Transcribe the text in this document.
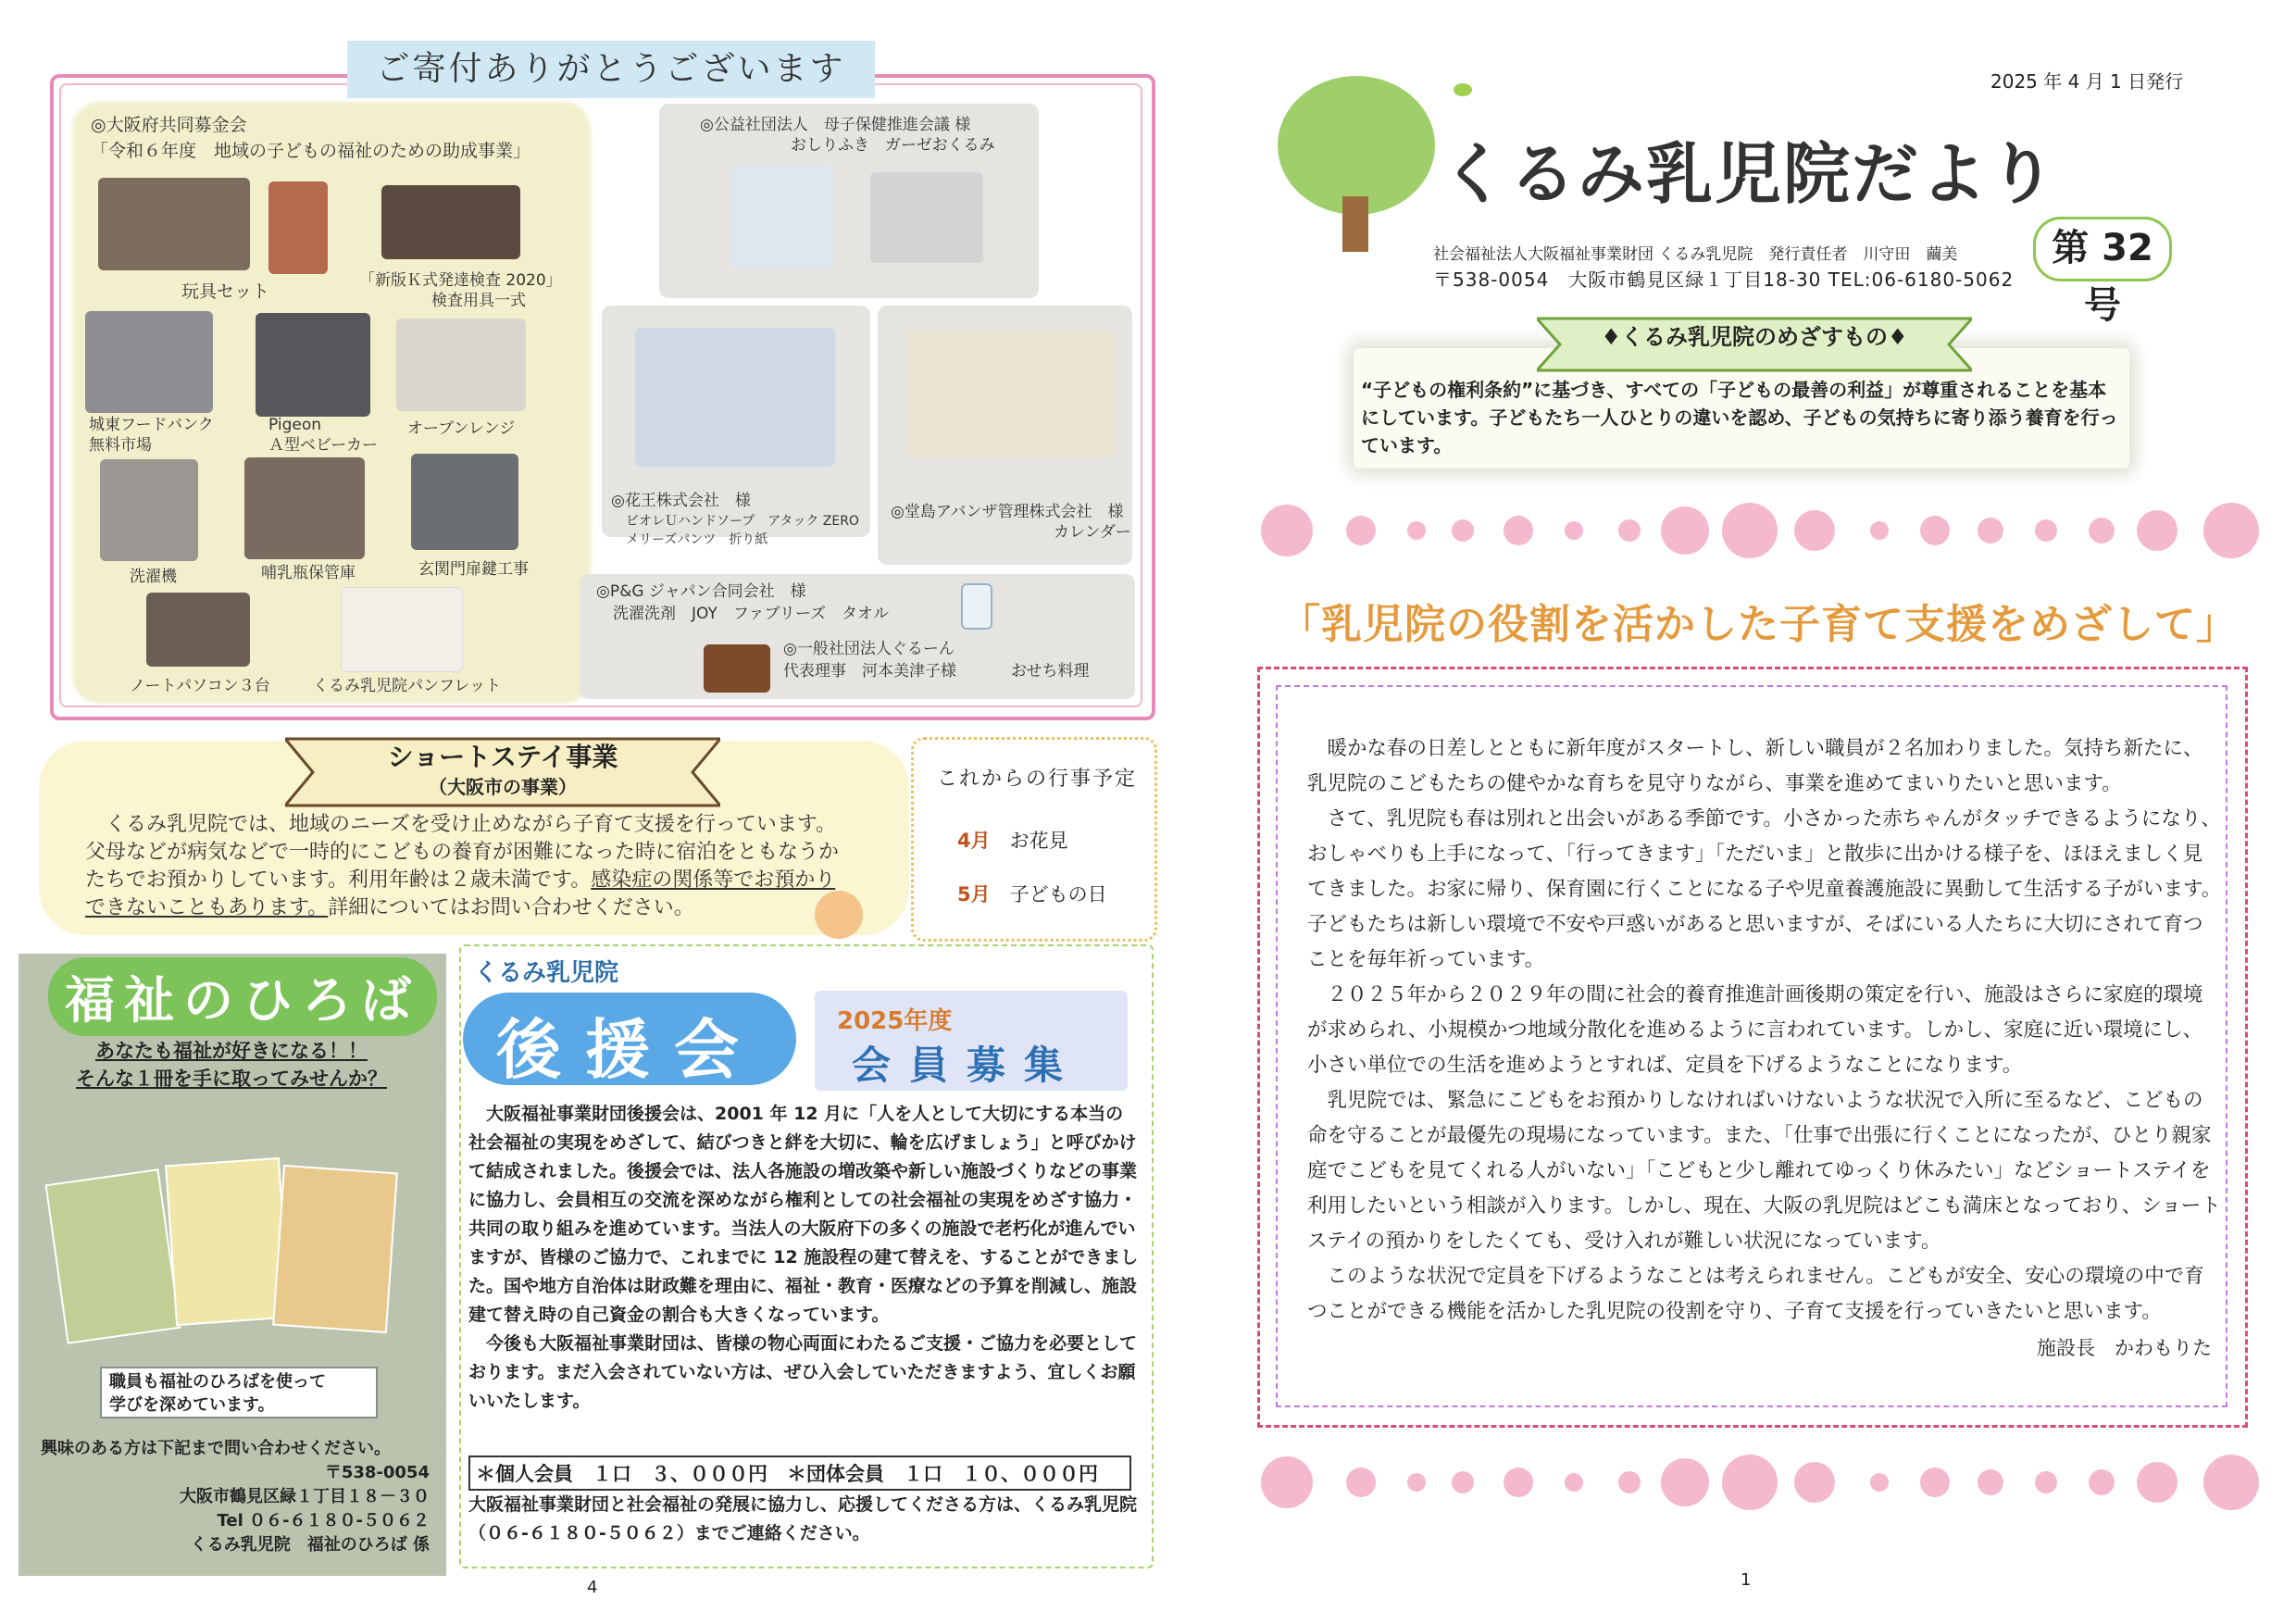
ご寄付ありがとうございます
◎大阪府共同募金会
「令和６年度　地域の子どもの福祉のための助成事業」
玩具セット
「新版Ｋ式発達検査 2020」
検査用具一式
城東フードバンク
無料市場
Pigeon
Ａ型ベビーカー
オーブンレンジ
洗濯機	哺乳瓶保管庫	玄関門扉鍵工事
ノートパソコン３台	くるみ乳児院パンフレット
◎公益社団法人　母子保健推進会議 様
おしりふき　ガーゼおくるみ
◎花王株式会社　様
ビオレＵハンドソープ　アタック ZERO
メリーズパンツ　折り紙
◎堂島アバンザ管理株式会社　様
カレンダー
◎P&G ジャパン合同会社　様
洗濯洗剤　JOY　ファブリーズ　タオル
◎一般社団法人ぐるーん
代表理事　河本美津子様	おせち料理
ショートステイ事業
（大阪市の事業）
くるみ乳児院では、地域のニーズを受け止めながら子育て支援を行っています。
父母などが病気などで一時的にこどもの養育が困難になった時に宿泊をともなうか
たちでお預かりしています。利用年齢は２歳未満です。感染症の関係等でお預かり
できないこともあります。詳細についてはお問い合わせください。
これからの行事予定
4月　 お花見
5月　 子どもの日
福祉のひろば
あなたも福祉が好きになる！！
そんな１冊を手に取ってみせんか？
職員も福祉のひろばを使って
学びを深めています。
興味のある方は下記まで問い合わせください。
〒538-0054
大阪市鶴見区緑１丁目１８－３０
Tel ０６-６１８０-５０６２
くるみ乳児院　福祉のひろば 係
くるみ乳児院
後援会	2025年度
会員募集
　大阪福祉事業財団後援会は、2001 年 12 月に「人を人として大切にする本当の社会福祉の実現をめざして、結びつきと絆を大切に、輪を広げましょう」と呼びかけて結成されました。後援会では、法人各施設の増改築や新しい施設づくりなどの事業に協力し、会員相互の交流を深めながら権利としての社会福祉の実現をめざす協力・共同の取り組みを進めています。当法人の大阪府下の多くの施設で老朽化が進んでいますが、皆様のご協力で、これまでに 12 施設程の建て替えを、することができました。国や地方自治体は財政難を理由に、福祉・教育・医療などの予算を削減し、施設建て替え時の自己資金の割合も大きくなっています。
　今後も大阪福祉事業財団は、皆様の物心両面にわたるご支援・ご協力を必要としております。まだ入会されていない方は、ぜひ入会していただきますよう、宜しくお願いいたします。
＊個人会員　１口　３、０００円　＊団体会員　１口　１０、０００円
大阪福祉事業財団と社会福祉の発展に協力し、応援してくださる方は、くるみ乳児院（０６-６１８０-５０６２）までご連絡ください。
4
2025 年 4 月 1 日発行
くるみ乳児院だより
第 32 号
社会福祉法人大阪福祉事業財団 くるみ乳児院　発行責任者　川守田　繭美
〒538-0054　大阪市鶴見区緑１丁目18-30 TEL:06-6180-5062
♦くるみ乳児院のめざすもの♦
“子どもの権利条約”に基づき、すべての「子どもの最善の利益」が尊重されることを基本にしています。子どもたち一人ひとりの違いを認め、子どもの気持ちに寄り添う養育を行っています。
「乳児院の役割を活かした子育て支援をめざして」

暖かな春の日差しとともに新年度がスタートし、新しい職員が２名加わりました。気持ち新たに、乳児院のこどもたちの健やかな育ちを見守りながら、事業を進めてまいりたいと思います。

さて、乳児院も春は別れと出会いがある季節です。小さかった赤ちゃんがタッチできるようになり、おしゃべりも上手になって、「行ってきます」「ただいま」と散歩に出かける様子を、ほほえましく見てきました。お家に帰り、保育園に行くことになる子や児童養護施設に異動して生活する子がいます。子どもたちは新しい環境で不安や戸惑いがあると思いますが、そばにいる人たちに大切にされて育つことを毎年祈っています。

２０２５年から２０２９年の間に社会的養育推進計画後期の策定を行い、施設はさらに家庭的環境が求められ、小規模かつ地域分散化を進めるように言われています。しかし、家庭に近い環境にし、小さい単位での生活を進めようとすれば、定員を下げるようなことになります。

乳児院では、緊急にこどもをお預かりしなければいけないような状況で入所に至るなど、こどもの命を守ることが最優先の現場になっています。また、「仕事で出張に行くことになったが、ひとり親家庭でこどもを見てくれる人がいない」「こどもと少し離れてゆっくり休みたい」などショートステイを利用したいという相談が入ります。しかし、現在、大阪の乳児院はどこも満床となっており、ショートステイの預かりをしたくても、受け入れが難しい状況になっています。

このような状況で定員を下げるようなことは考えられません。こどもが安全、安心の環境の中で育つことができる機能を活かした乳児院の役割を守り、子育て支援を行っていきたいと思います。

施設長　かわもりた
1
